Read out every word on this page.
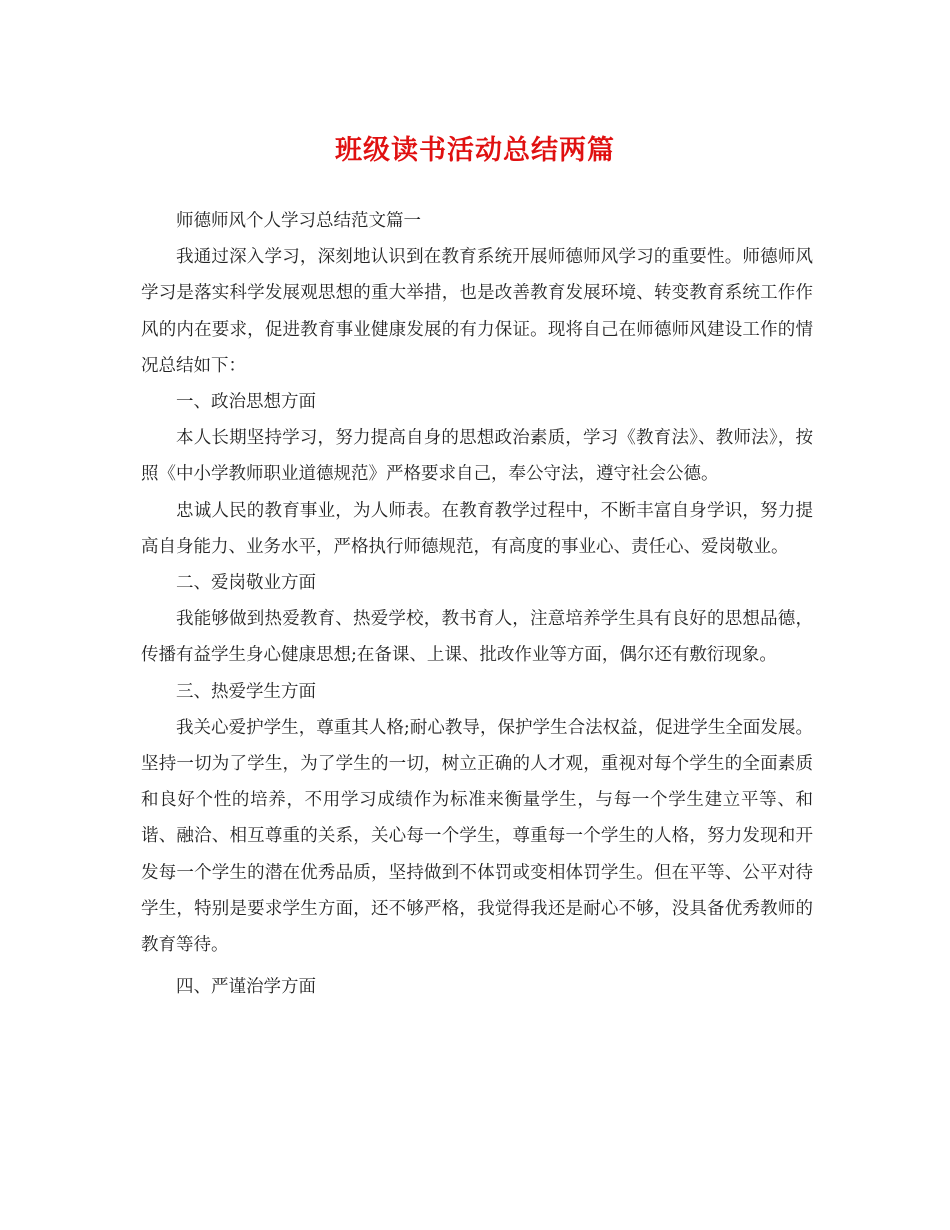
班级读书活动总结两篇

师德师风个人学习总结范文篇一

我通过深入学习，深刻地认识到在教育系统开展师德师风学习的重要性。师德师风学习是落实科学发展观思想的重大举措，也是改善教育发展环境、转变教育系统工作作风的内在要求，促进教育事业健康发展的有力保证。现将自己在师德师风建设工作的情况总结如下：

一、政治思想方面

本人长期坚持学习，努力提高自身的思想政治素质，学习《教育法》、教师法》，按照《中小学教师职业道德规范》严格要求自己，奉公守法，遵守社会公德。

忠诚人民的教育事业，为人师表。在教育教学过程中，不断丰富自身学识，努力提高自身能力、业务水平，严格执行师德规范，有高度的事业心、责任心、爱岗敬业。

二、爱岗敬业方面

我能够做到热爱教育、热爱学校，教书育人，注意培养学生具有良好的思想品德，传播有益学生身心健康思想;在备课、上课、批改作业等方面，偶尔还有敷衍现象。

三、热爱学生方面

我关心爱护学生，尊重其人格;耐心教导，保护学生合法权益，促进学生全面发展。坚持一切为了学生，为了学生的一切，树立正确的人才观，重视对每个学生的全面素质和良好个性的培养，不用学习成绩作为标准来衡量学生，与每一个学生建立平等、和谐、融洽、相互尊重的关系，关心每一个学生，尊重每一个学生的人格，努力发现和开发每一个学生的潜在优秀品质，坚持做到不体罚或变相体罚学生。但在平等、公平对待学生，特别是要求学生方面，还不够严格，我觉得我还是耐心不够，没具备优秀教师的教育等待。

四、严谨治学方面
